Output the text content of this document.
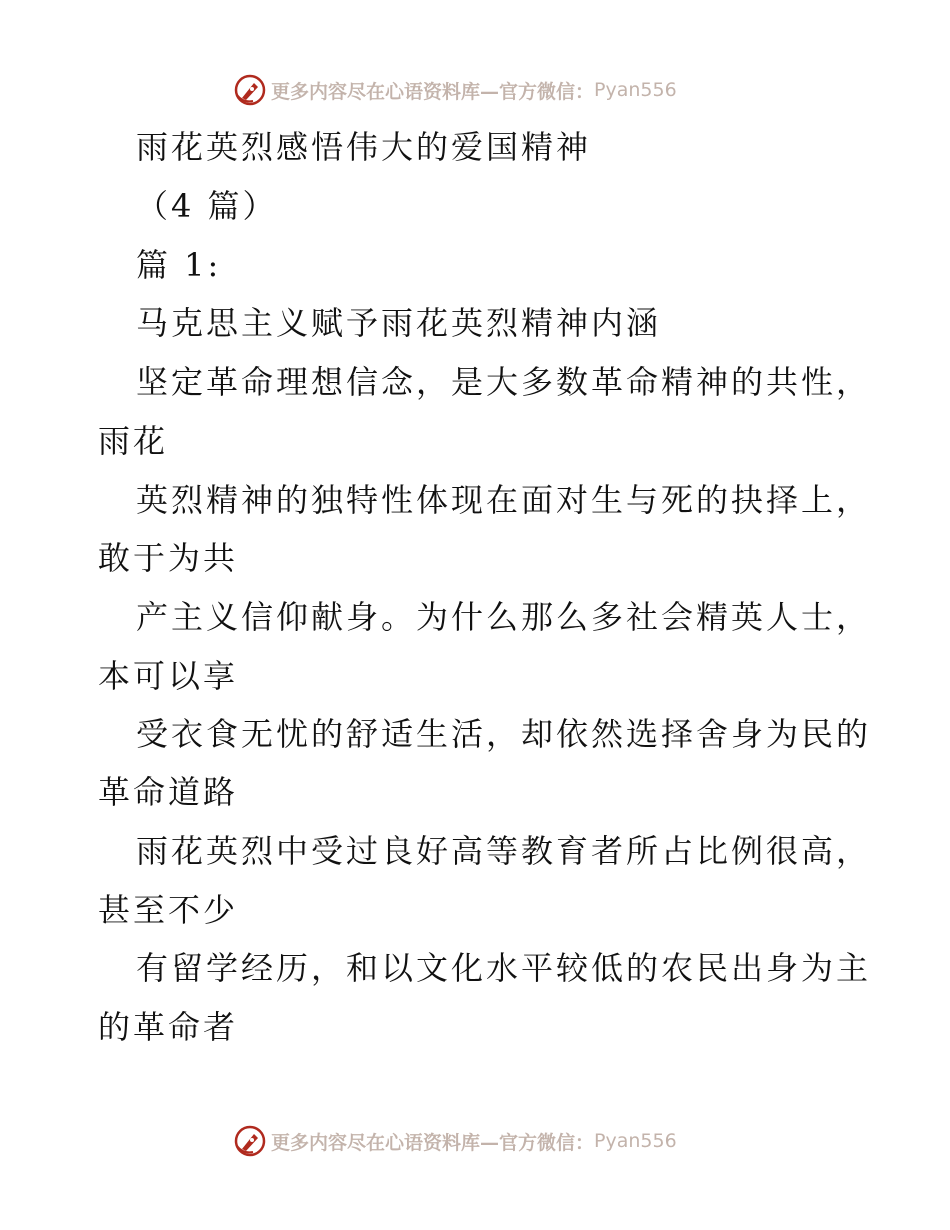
更多内容尽在心语资料库—官方微信： Pyan556
雨花英烈感悟伟大的爱国精神
（4 篇）
篇 1:
马克思主义赋予雨花英烈精神内涵
坚定革命理想信念，是大多数革命精神的共性，
雨花
英烈精神的独特性体现在面对生与死的抉择上，
敢于为共
产主义信仰献身。为什么那么多社会精英人士，
本可以享
受衣食无忧的舒适生活，却依然选择舍身为民的
革命道路
雨花英烈中受过良好高等教育者所占比例很高，
甚至不少
有留学经历，和以文化水平较低的农民出身为主
的革命者
更多内容尽在心语资料库—官方微信： Pyan556
